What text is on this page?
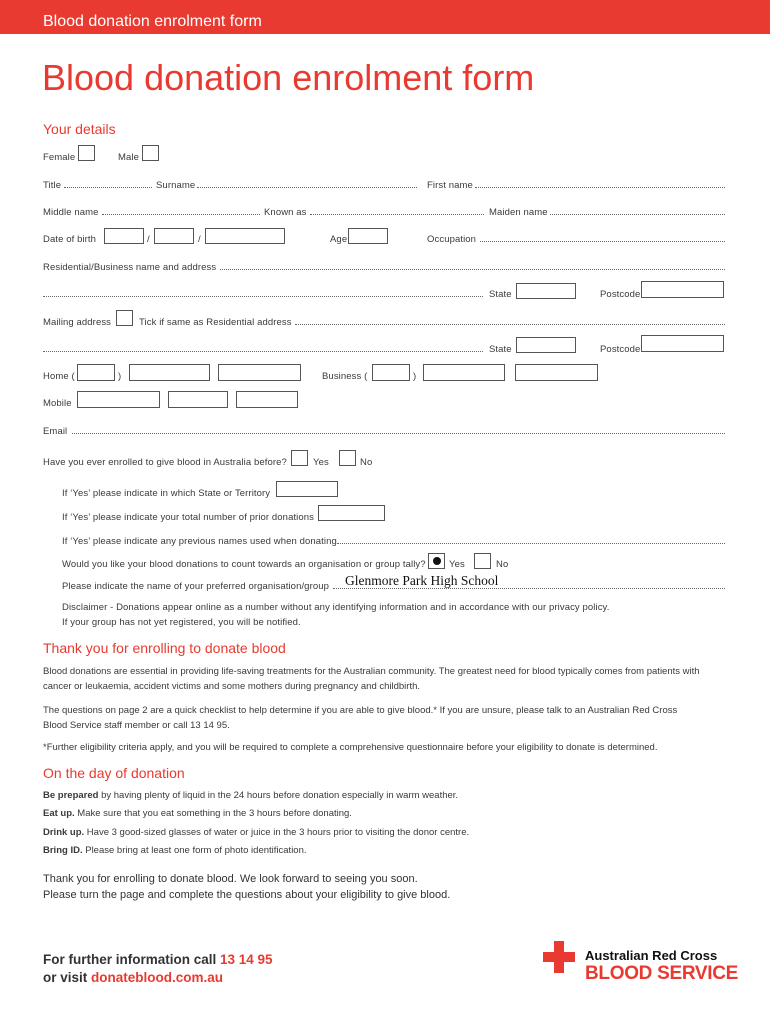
Blood donation enrolment form
Blood donation enrolment form
Your details
Female	Male
Title	Surname	First name
Middle name	Known as	Maiden name
Date of birth	/	/	Age	Occupation
Residential/Business name and address
State	Postcode
Mailing address	Tick if same as Residential address
State	Postcode
Home (	)	Business (	)
Mobile
Email
Have you ever enrolled to give blood in Australia before?	Yes	No
If ‘Yes’ please indicate in which State or Territory
If ‘Yes’ please indicate your total number of prior donations
If ‘Yes’ please indicate any previous names used when donating
Would you like your blood donations to count towards an organisation or group tally? Yes	No
Please indicate the name of your preferred organisation/group Glenmore Park High School
Disclaimer - Donations appear online as a number without any identifying information and in accordance with our privacy policy.
If your group has not yet registered, you will be notified.
Thank you for enrolling to donate blood
Blood donations are essential in providing life-saving treatments for the Australian community. The greatest need for blood typically comes from patients with
cancer or leukaemia, accident victims and some mothers during pregnancy and childbirth.
The questions on page 2 are a quick checklist to help determine if you are able to give blood.* If you are unsure, please talk to an Australian Red Cross
Blood Service staff member or call 13 14 95.
*Further eligibility criteria apply, and you will be required to complete a comprehensive questionnaire before your eligibility to donate is determined.
On the day of donation
Be prepared by having plenty of liquid in the 24 hours before donation especially in warm weather.
Eat up. Make sure that you eat something in the 3 hours before donating.
Drink up. Have 3 good-sized glasses of water or juice in the 3 hours prior to visiting the donor centre.
Bring ID. Please bring at least one form of photo identification.
Thank you for enrolling to donate blood. We look forward to seeing you soon.
Please turn the page and complete the questions about your eligibility to give blood.
For further information call 13 14 95
or visit donateblood.com.au
Australian Red Cross
BLOOD SERVICE
